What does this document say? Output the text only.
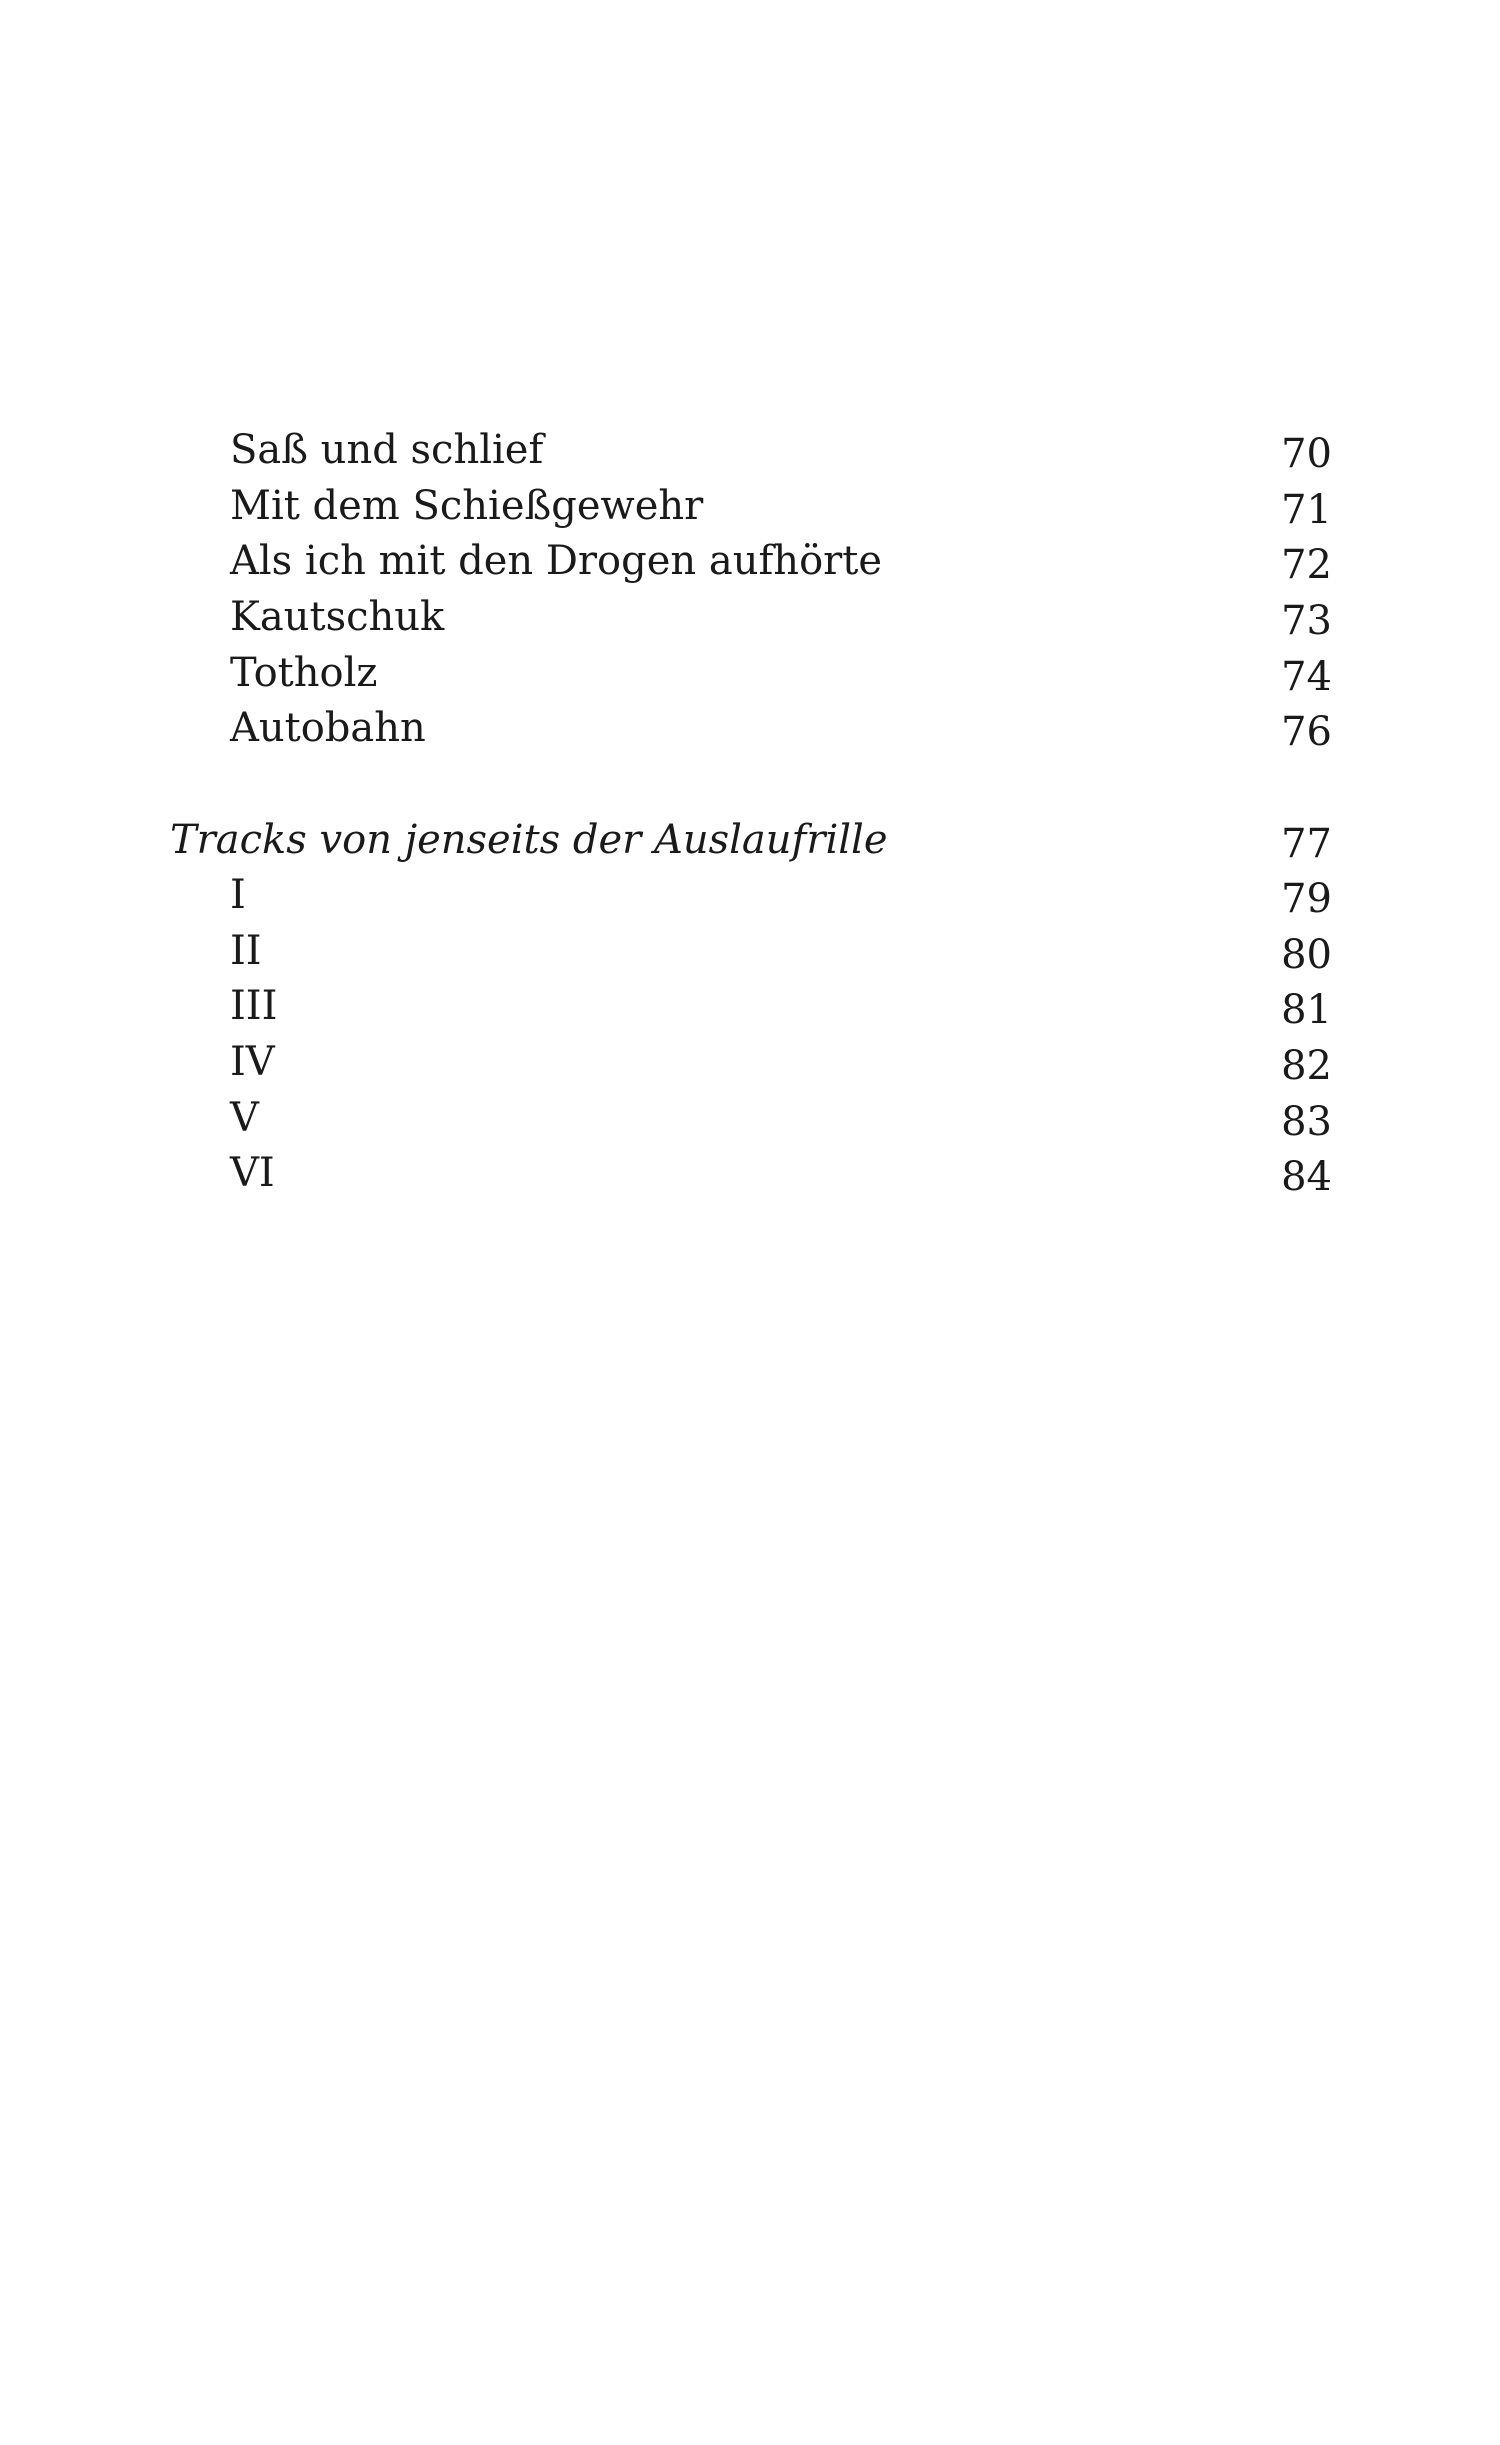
Saß und schlief	70
Mit dem Schießgewehr	71
Als ich mit den Drogen aufhörte	72
Kautschuk	73
Totholz	74
Autobahn	76
Tracks von jenseits der Auslaufrille	77
I	79
II	80
III	81
IV	82
V	83
VI	84
